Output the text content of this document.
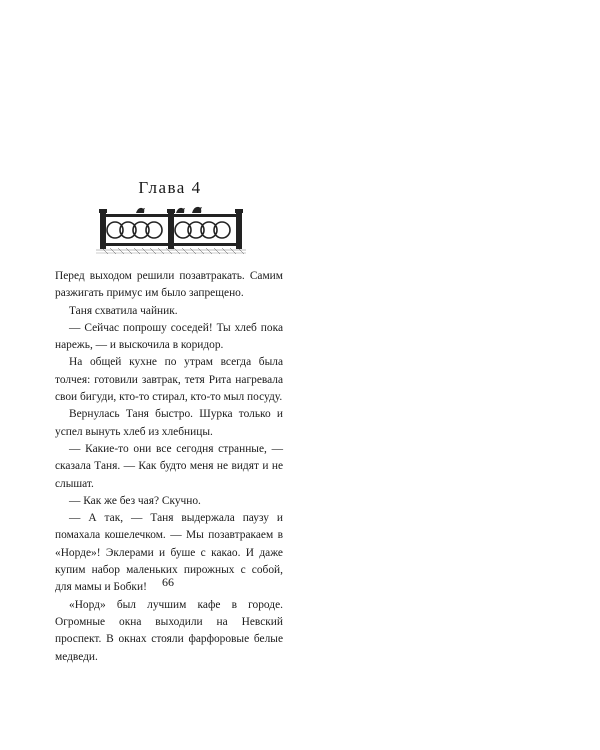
Глава 4

Перед выходом решили позавтракать. Самим разжигать примус им было запрещено.

Таня схватила чайник.

— Сейчас попрошу соседей! Ты хлеб пока нарежь, — и выскочила в коридор.

На общей кухне по утрам всегда была толчея: готовили завтрак, тетя Рита нагревала свои бигуди, кто-то стирал, кто-то мыл посуду.

Вернулась Таня быстро. Шурка только и успел вынуть хлеб из хлебницы.

— Какие-то они все сегодня странные, — сказала Таня. — Как будто меня не видят и не слышат.

— Как же без чая? Скучно.

— А так, — Таня выдержала паузу и помахала кошелечком. — Мы позавтракаем в «Норде»! Эклерами и буше с какао. И даже купим набор маленьких пирожных с собой, для мамы и Бобки!

«Норд» был лучшим кафе в городе. Огромные окна выходили на Невский проспект. В окнах стояли фарфоровые белые медведи.

66
